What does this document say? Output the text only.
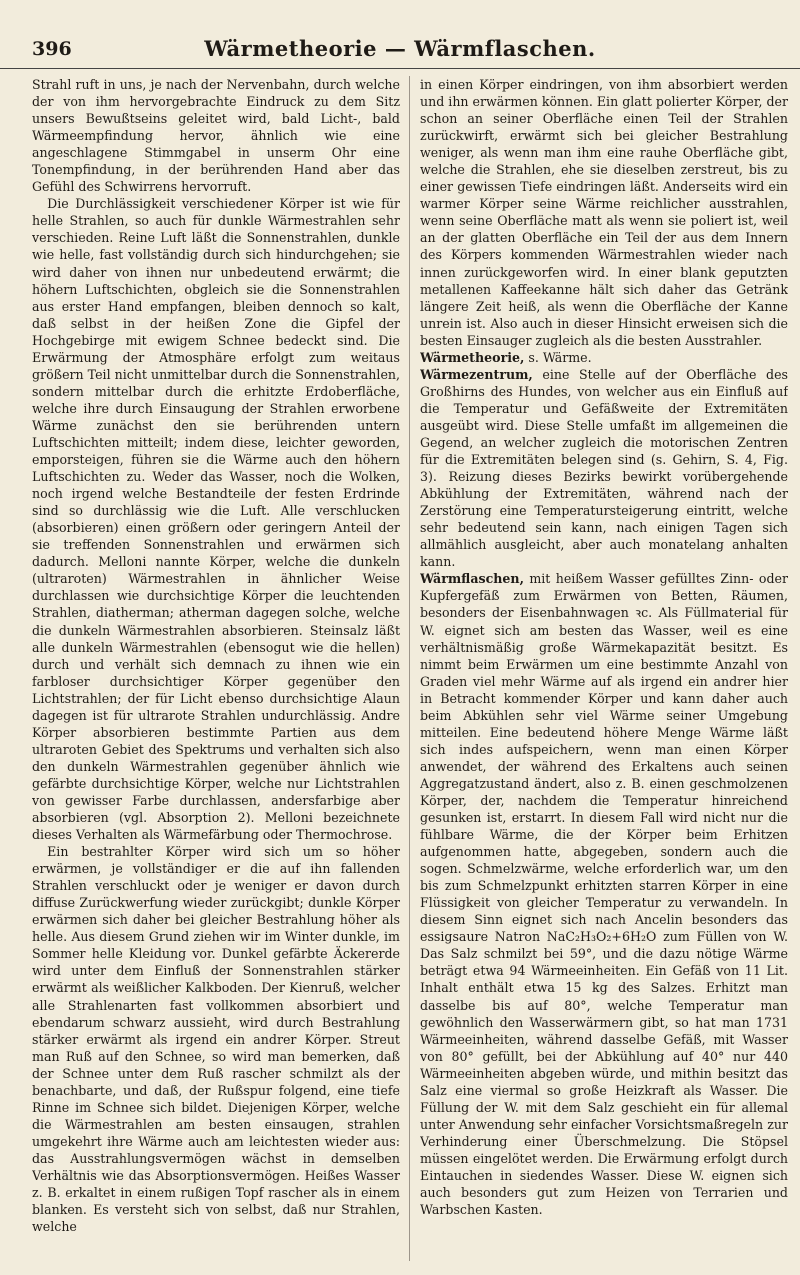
396	Wärmetheorie — Wärmflaschen.

Strahl ruft in uns, je nach der Nervenbahn, durch welche der von ihm hervorgebrachte Eindruck zu dem Sitz unsers Bewußtseins geleitet wird, bald Licht-, bald Wärmeempfindung hervor, ähnlich wie eine angeschlagene Stimmgabel in unserm Ohr eine Tonempfindung, in der berührenden Hand aber das Gefühl des Schwirrens hervorruft.

Die Durchlässigkeit verschiedener Körper ist wie für helle Strahlen, so auch für dunkle Wärmestrahlen sehr verschieden. Reine Luft läßt die Sonnenstrahlen, dunkle wie helle, fast vollständig durch sich hindurchgehen; sie wird daher von ihnen nur unbedeutend erwärmt; die höhern Luftschichten, obgleich sie die Sonnenstrahlen aus erster Hand empfangen, bleiben dennoch so kalt, daß selbst in der heißen Zone die Gipfel der Hochgebirge mit ewigem Schnee bedeckt sind. Die Erwärmung der Atmosphäre erfolgt zum weitaus größern Teil nicht unmittelbar durch die Sonnenstrahlen, sondern mittelbar durch die erhitzte Erdoberfläche, welche ihre durch Einsaugung der Strahlen erworbene Wärme zunächst den sie berührenden untern Luftschichten mitteilt; indem diese, leichter geworden, emporsteigen, führen sie die Wärme auch den höhern Luftschichten zu. Weder das Wasser, noch die Wolken, noch irgend welche Bestandteile der festen Erdrinde sind so durchlässig wie die Luft. Alle verschlucken (absorbieren) einen größern oder geringern Anteil der sie treffenden Sonnenstrahlen und erwärmen sich dadurch. Melloni nannte Körper, welche die dunkeln (ultraroten) Wärmestrahlen in ähnlicher Weise durchlassen wie durchsichtige Körper die leuchtenden Strahlen, diatherman; atherman dagegen solche, welche die dunkeln Wärmestrahlen absorbieren. Steinsalz läßt alle dunkeln Wärmestrahlen (ebensogut wie die hellen) durch und verhält sich demnach zu ihnen wie ein farbloser durchsichtiger Körper gegenüber den Lichtstrahlen; der für Licht ebenso durchsichtige Alaun dagegen ist für ultrarote Strahlen undurchlässig. Andre Körper absorbieren bestimmte Partien aus dem ultraroten Gebiet des Spektrums und verhalten sich also den dunkeln Wärmestrahlen gegenüber ähnlich wie gefärbte durchsichtige Körper, welche nur Lichtstrahlen von gewisser Farbe durchlassen, andersfarbige aber absorbieren (vgl. Absorption 2). Melloni bezeichnete dieses Verhalten als Wärmefärbung oder Thermochrose.

Ein bestrahlter Körper wird sich um so höher erwärmen, je vollständiger er die auf ihn fallenden Strahlen verschluckt oder je weniger er davon durch diffuse Zurückwerfung wieder zurückgibt; dunkle Körper erwärmen sich daher bei gleicher Bestrahlung höher als helle. Aus diesem Grund ziehen wir im Winter dunkle, im Sommer helle Kleidung vor. Dunkel gefärbte Äckererde wird unter dem Einfluß der Sonnenstrahlen stärker erwärmt als weißlicher Kalkboden. Der Kienruß, welcher alle Strahlenarten fast vollkommen absorbiert und ebendarum schwarz aussieht, wird durch Bestrahlung stärker erwärmt als irgend ein andrer Körper. Streut man Ruß auf den Schnee, so wird man bemerken, daß der Schnee unter dem Ruß rascher schmilzt als der benachbarte, und daß, der Rußspur folgend, eine tiefe Rinne im Schnee sich bildet. Diejenigen Körper, welche die Wärmestrahlen am besten einsaugen, strahlen umgekehrt ihre Wärme auch am leichtesten wieder aus: das Ausstrahlungsvermögen wächst in demselben Verhältnis wie das Absorptionsvermögen. Heißes Wasser z. B. erkaltet in einem rußigen Topf rascher als in einem blanken. Es versteht sich von selbst, daß nur Strahlen, welche

in einen Körper eindringen, von ihm absorbiert werden und ihn erwärmen können. Ein glatt polierter Körper, der schon an seiner Oberfläche einen Teil der Strahlen zurückwirft, erwärmt sich bei gleicher Bestrahlung weniger, als wenn man ihm eine rauhe Oberfläche gibt, welche die Strahlen, ehe sie dieselben zerstreut, bis zu einer gewissen Tiefe eindringen läßt. Anderseits wird ein warmer Körper seine Wärme reichlicher ausstrahlen, wenn seine Oberfläche matt als wenn sie poliert ist, weil an der glatten Oberfläche ein Teil der aus dem Innern des Körpers kommenden Wärmestrahlen wieder nach innen zurückgeworfen wird. In einer blank geputzten metallenen Kaffeekanne hält sich daher das Getränk längere Zeit heiß, als wenn die Oberfläche der Kanne unrein ist. Also auch in dieser Hinsicht erweisen sich die besten Einsauger zugleich als die besten Ausstrahler.

Wärmetheorie, s. Wärme.

Wärmezentrum, eine Stelle auf der Oberfläche des Großhirns des Hundes, von welcher aus ein Einfluß auf die Temperatur und Gefäßweite der Extremitäten ausgeübt wird. Diese Stelle umfaßt im allgemeinen die Gegend, an welcher zugleich die motorischen Zentren für die Extremitäten belegen sind (s. Gehirn, S. 4, Fig. 3). Reizung dieses Bezirks bewirkt vorübergehende Abkühlung der Extremitäten, während nach der Zerstörung eine Temperatursteigerung eintritt, welche sehr bedeutend sein kann, nach einigen Tagen sich allmählich ausgleicht, aber auch monatelang anhalten kann.

Wärmflaschen, mit heißem Wasser gefülltes Zinn- oder Kupfergefäß zum Erwärmen von Betten, Räumen, besonders der Eisenbahnwagen ꝛc. Als Füllmaterial für W. eignet sich am besten das Wasser, weil es eine verhältnismäßig große Wärmekapazität besitzt. Es nimmt beim Erwärmen um eine bestimmte Anzahl von Graden viel mehr Wärme auf als irgend ein andrer hier in Betracht kommender Körper und kann daher auch beim Abkühlen sehr viel Wärme seiner Umgebung mitteilen. Eine bedeutend höhere Menge Wärme läßt sich indes aufspeichern, wenn man einen Körper anwendet, der während des Erkaltens auch seinen Aggregatzustand ändert, also z. B. einen geschmolzenen Körper, der, nachdem die Temperatur hinreichend gesunken ist, erstarrt. In diesem Fall wird nicht nur die fühlbare Wärme, die der Körper beim Erhitzen aufgenommen hatte, abgegeben, sondern auch die sogen. Schmelzwärme, welche erforderlich war, um den bis zum Schmelzpunkt erhitzten starren Körper in eine Flüssigkeit von gleicher Temperatur zu verwandeln. In diesem Sinn eignet sich nach Ancelin besonders das essigsaure Natron NaC₂H₃O₂+6H₂O zum Füllen von W. Das Salz schmilzt bei 59°, und die dazu nötige Wärme beträgt etwa 94 Wärmeeinheiten. Ein Gefäß von 11 Lit. Inhalt enthält etwa 15 kg des Salzes. Erhitzt man dasselbe bis auf 80°, welche Temperatur man gewöhnlich den Wasserwärmern gibt, so hat man 1731 Wärmeeinheiten, während dasselbe Gefäß, mit Wasser von 80° gefüllt, bei der Abkühlung auf 40° nur 440 Wärmeeinheiten abgeben würde, und mithin besitzt das Salz eine viermal so große Heizkraft als Wasser. Die Füllung der W. mit dem Salz geschieht ein für allemal unter Anwendung sehr einfacher Vorsichtsmaßregeln zur Verhinderung einer Überschmelzung. Die Stöpsel müssen eingelötet werden. Die Erwärmung erfolgt durch Eintauchen in siedendes Wasser. Diese W. eignen sich auch besonders gut zum Heizen von Terrarien und Warbschen Kasten.
